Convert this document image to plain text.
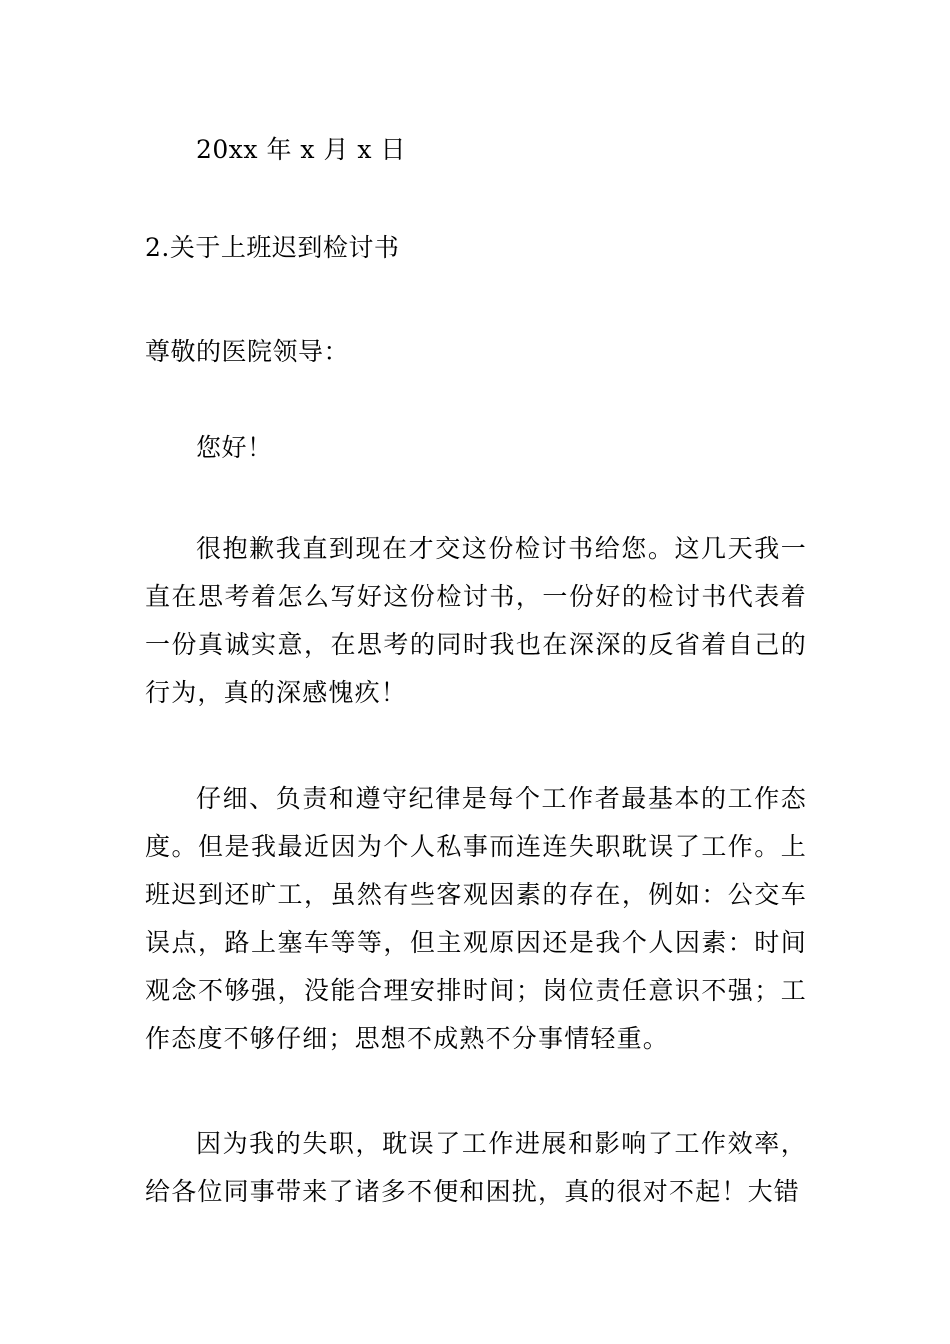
20xx 年 x 月 x 日
2.关于上班迟到检讨书
尊敬的医院领导：
您好！
很抱歉我直到现在才交这份检讨书给您。这几天我一直在思考着怎么写好这份检讨书，一份好的检讨书代表着一份真诚实意，在思考的同时我也在深深的反省着自己的行为，真的深感愧疚！
仔细、负责和遵守纪律是每个工作者最基本的工作态度。但是我最近因为个人私事而连连失职耽误了工作。上班迟到还旷工，虽然有些客观因素的存在，例如：公交车误点，路上塞车等等，但主观原因还是我个人因素：时间观念不够强，没能合理安排时间；岗位责任意识不强；工作态度不够仔细；思想不成熟不分事情轻重。
因为我的失职，耽误了工作进展和影响了工作效率，给各位同事带来了诸多不便和困扰，真的很对不起！大错
